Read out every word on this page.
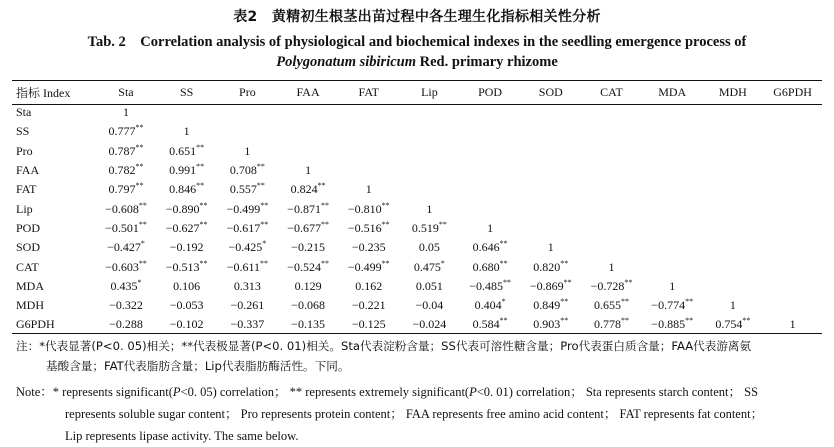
表2　黄精初生根茎出苗过程中各生理生化指标相关性分析
Tab. 2　Correlation analysis of physiological and biochemical indexes in the seedling emergence process of
Polygonatum sibiricum Red. primary rhizome
指标 Index	Sta	SS	Pro	FAA	FAT	Lip	POD	SOD	CAT	MDA	MDH	G6PDH
Sta	1											
SS	0.777**	1										
Pro	0.787**	0.651**	1									
FAA	0.782**	0.991**	0.708**	1								
FAT	0.797**	0.846**	0.557**	0.824**	1							
Lip	−0.608**	−0.890**	−0.499**	−0.871**	−0.810**	1						
POD	−0.501**	−0.627**	−0.617**	−0.677**	−0.516**	0.519**	1					
SOD	−0.427*	−0.192	−0.425*	−0.215	−0.235	0.05	0.646**	1				
CAT	−0.603**	−0.513**	−0.611**	−0.524**	−0.499**	0.475*	0.680**	0.820**	1			
MDA	0.435*	0.106	0.313	0.129	0.162	0.051	−0.485**	−0.869**	−0.728**	1		
MDH	−0.322	−0.053	−0.261	−0.068	−0.221	−0.04	0.404*	0.849**	0.655**	−0.774**	1	
G6PDH	−0.288	−0.102	−0.337	−0.135	−0.125	−0.024	0.584**	0.903**	0.778**	−0.885**	0.754**	1
注：*代表显著(P<0. 05)相关；**代表极显著(P<0. 01)相关。Sta代表淀粉含量；SS代表可溶性糖含量；Pro代表蛋白质含量；FAA代表游离氨
基酸含量；FAT代表脂肪含量；Lip代表脂肪酶活性。下同。
Note：* represents significant(P<0. 05) correlation； ** represents extremely significant(P<0. 01) correlation； Sta represents starch content； SS
represents soluble sugar content； Pro represents protein content； FAA represents free amino acid content； FAT represents fat content；
Lip represents lipase activity. The same below.
